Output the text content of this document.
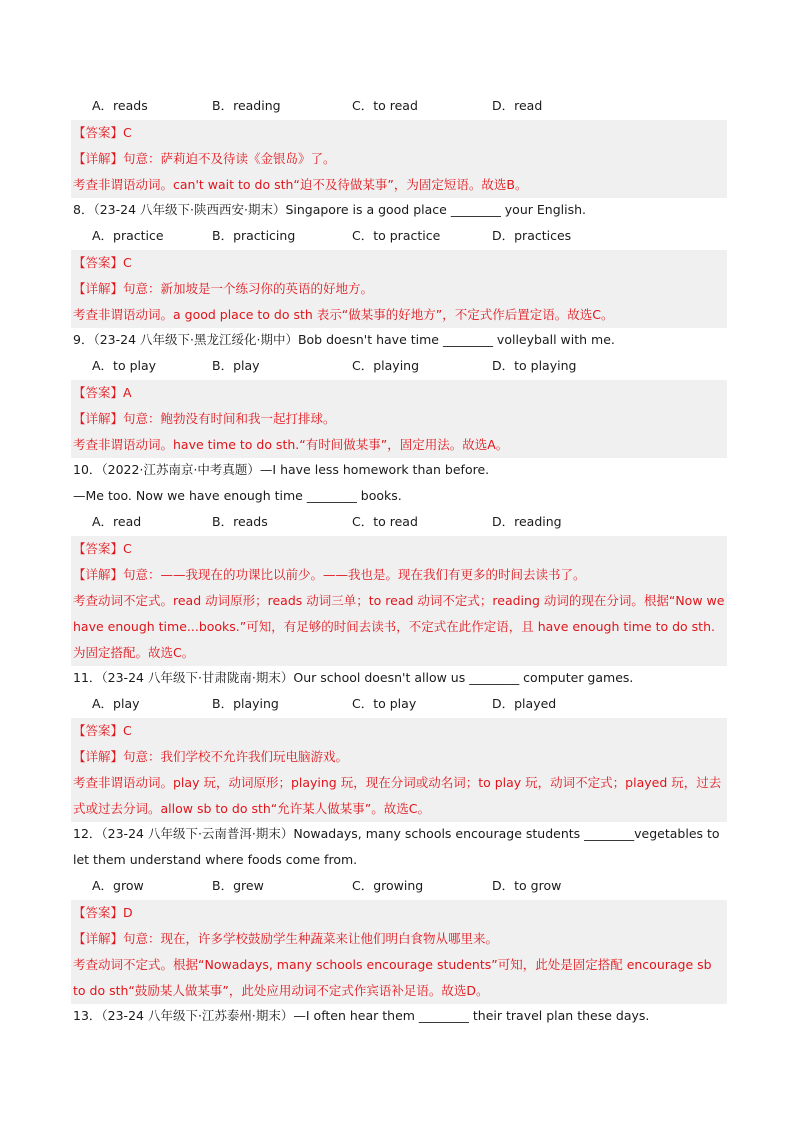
A．reads	B．reading	C．to read	D．read
【答案】C
【详解】句意：萨莉迫不及待读《金银岛》了。
考查非谓语动词。can't wait to do sth“迫不及待做某事”，为固定短语。故选B。
8．（23-24 八年级下·陕西西安·期末）Singapore is a good place ________ your English.
A．practice	B．practicing	C．to practice	D．practices
【答案】C
【详解】句意：新加坡是一个练习你的英语的好地方。
考查非谓语动词。a good place to do sth 表示“做某事的好地方”，不定式作后置定语。故选C。
9．（23-24 八年级下·黑龙江绥化·期中）Bob doesn't have time ________ volleyball with me.
A．to play	B．play	C．playing	D．to playing
【答案】A
【详解】句意：鲍勃没有时间和我一起打排球。
考查非谓语动词。have time to do sth.“有时间做某事”，固定用法。故选A。
10．（2022·江苏南京·中考真题）—I have less homework than before.
—Me too. Now we have enough time ________ books.
A．read	B．reads	C．to read	D．reading
【答案】C
【详解】句意：——我现在的功课比以前少。——我也是。现在我们有更多的时间去读书了。
考查动词不定式。read 动词原形；reads 动词三单；to read 动词不定式；reading 动词的现在分词。根据“Now we have enough time...books.”可知，有足够的时间去读书，不定式在此作定语，且 have enough time to do sth.为固定搭配。故选C。
11．（23-24 八年级下·甘肃陇南·期末）Our school doesn't allow us ________ computer games.
A．play	B．playing	C．to play	D．played
【答案】C
【详解】句意：我们学校不允许我们玩电脑游戏。
考查非谓语动词。play 玩，动词原形；playing 玩，现在分词或动名词；to play 玩，动词不定式；played 玩，过去式或过去分词。allow sb to do sth“允许某人做某事”。故选C。
12．（23-24 八年级下·云南普洱·期末）Nowadays, many schools encourage students ________vegetables to let them understand where foods come from.
A．grow	B．grew	C．growing	D．to grow
【答案】D
【详解】句意：现在，许多学校鼓励学生种蔬菜来让他们明白食物从哪里来。
考查动词不定式。根据“Nowadays, many schools encourage students”可知，此处是固定搭配 encourage sb to do sth“鼓励某人做某事”，此处应用动词不定式作宾语补足语。故选D。
13．（23-24 八年级下·江苏泰州·期末）—I often hear them ________ their travel plan these days.
